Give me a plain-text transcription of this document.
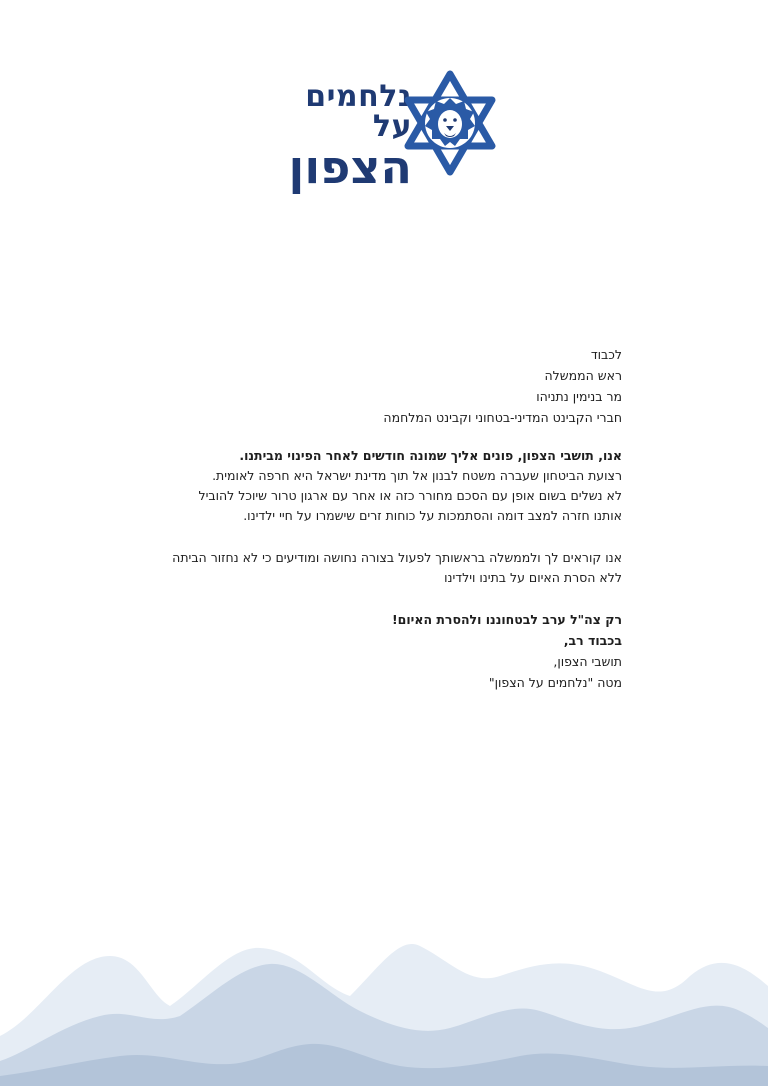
נלחמים על
הצפון
לכבוד
ראש הממשלה
מר בנימין נתניהו
חברי הקבינט המדיני-בטחוני וקבינט המלחמה

אנו, תושבי הצפון, פונים אליך שמונה חודשים לאחר הפינוי מביתנו.

רצועת הביטחון שעברה משטח לבנון אל תוך מדינת ישראל היא חרפה לאומית.

לא נשלים בשום אופן עם הסכם מחורר כזה או אחר עם ארגון טרור שיוכל להוביל
אותנו חזרה למצב דומה והסתמכות על כוחות זרים שישמרו על חיי ילדינו.
אנו קוראים לך ולממשלה בראשותך לפעול בצורה נחושה ומודיעים כי לא נחזור הביתה
ללא הסרת האיום על בתינו וילדינו

רק צה"ל ערב לבטחוננו ולהסרת האיום!

בכבוד רב,
תושבי הצפון,
מטה "נלחמים על הצפון"
